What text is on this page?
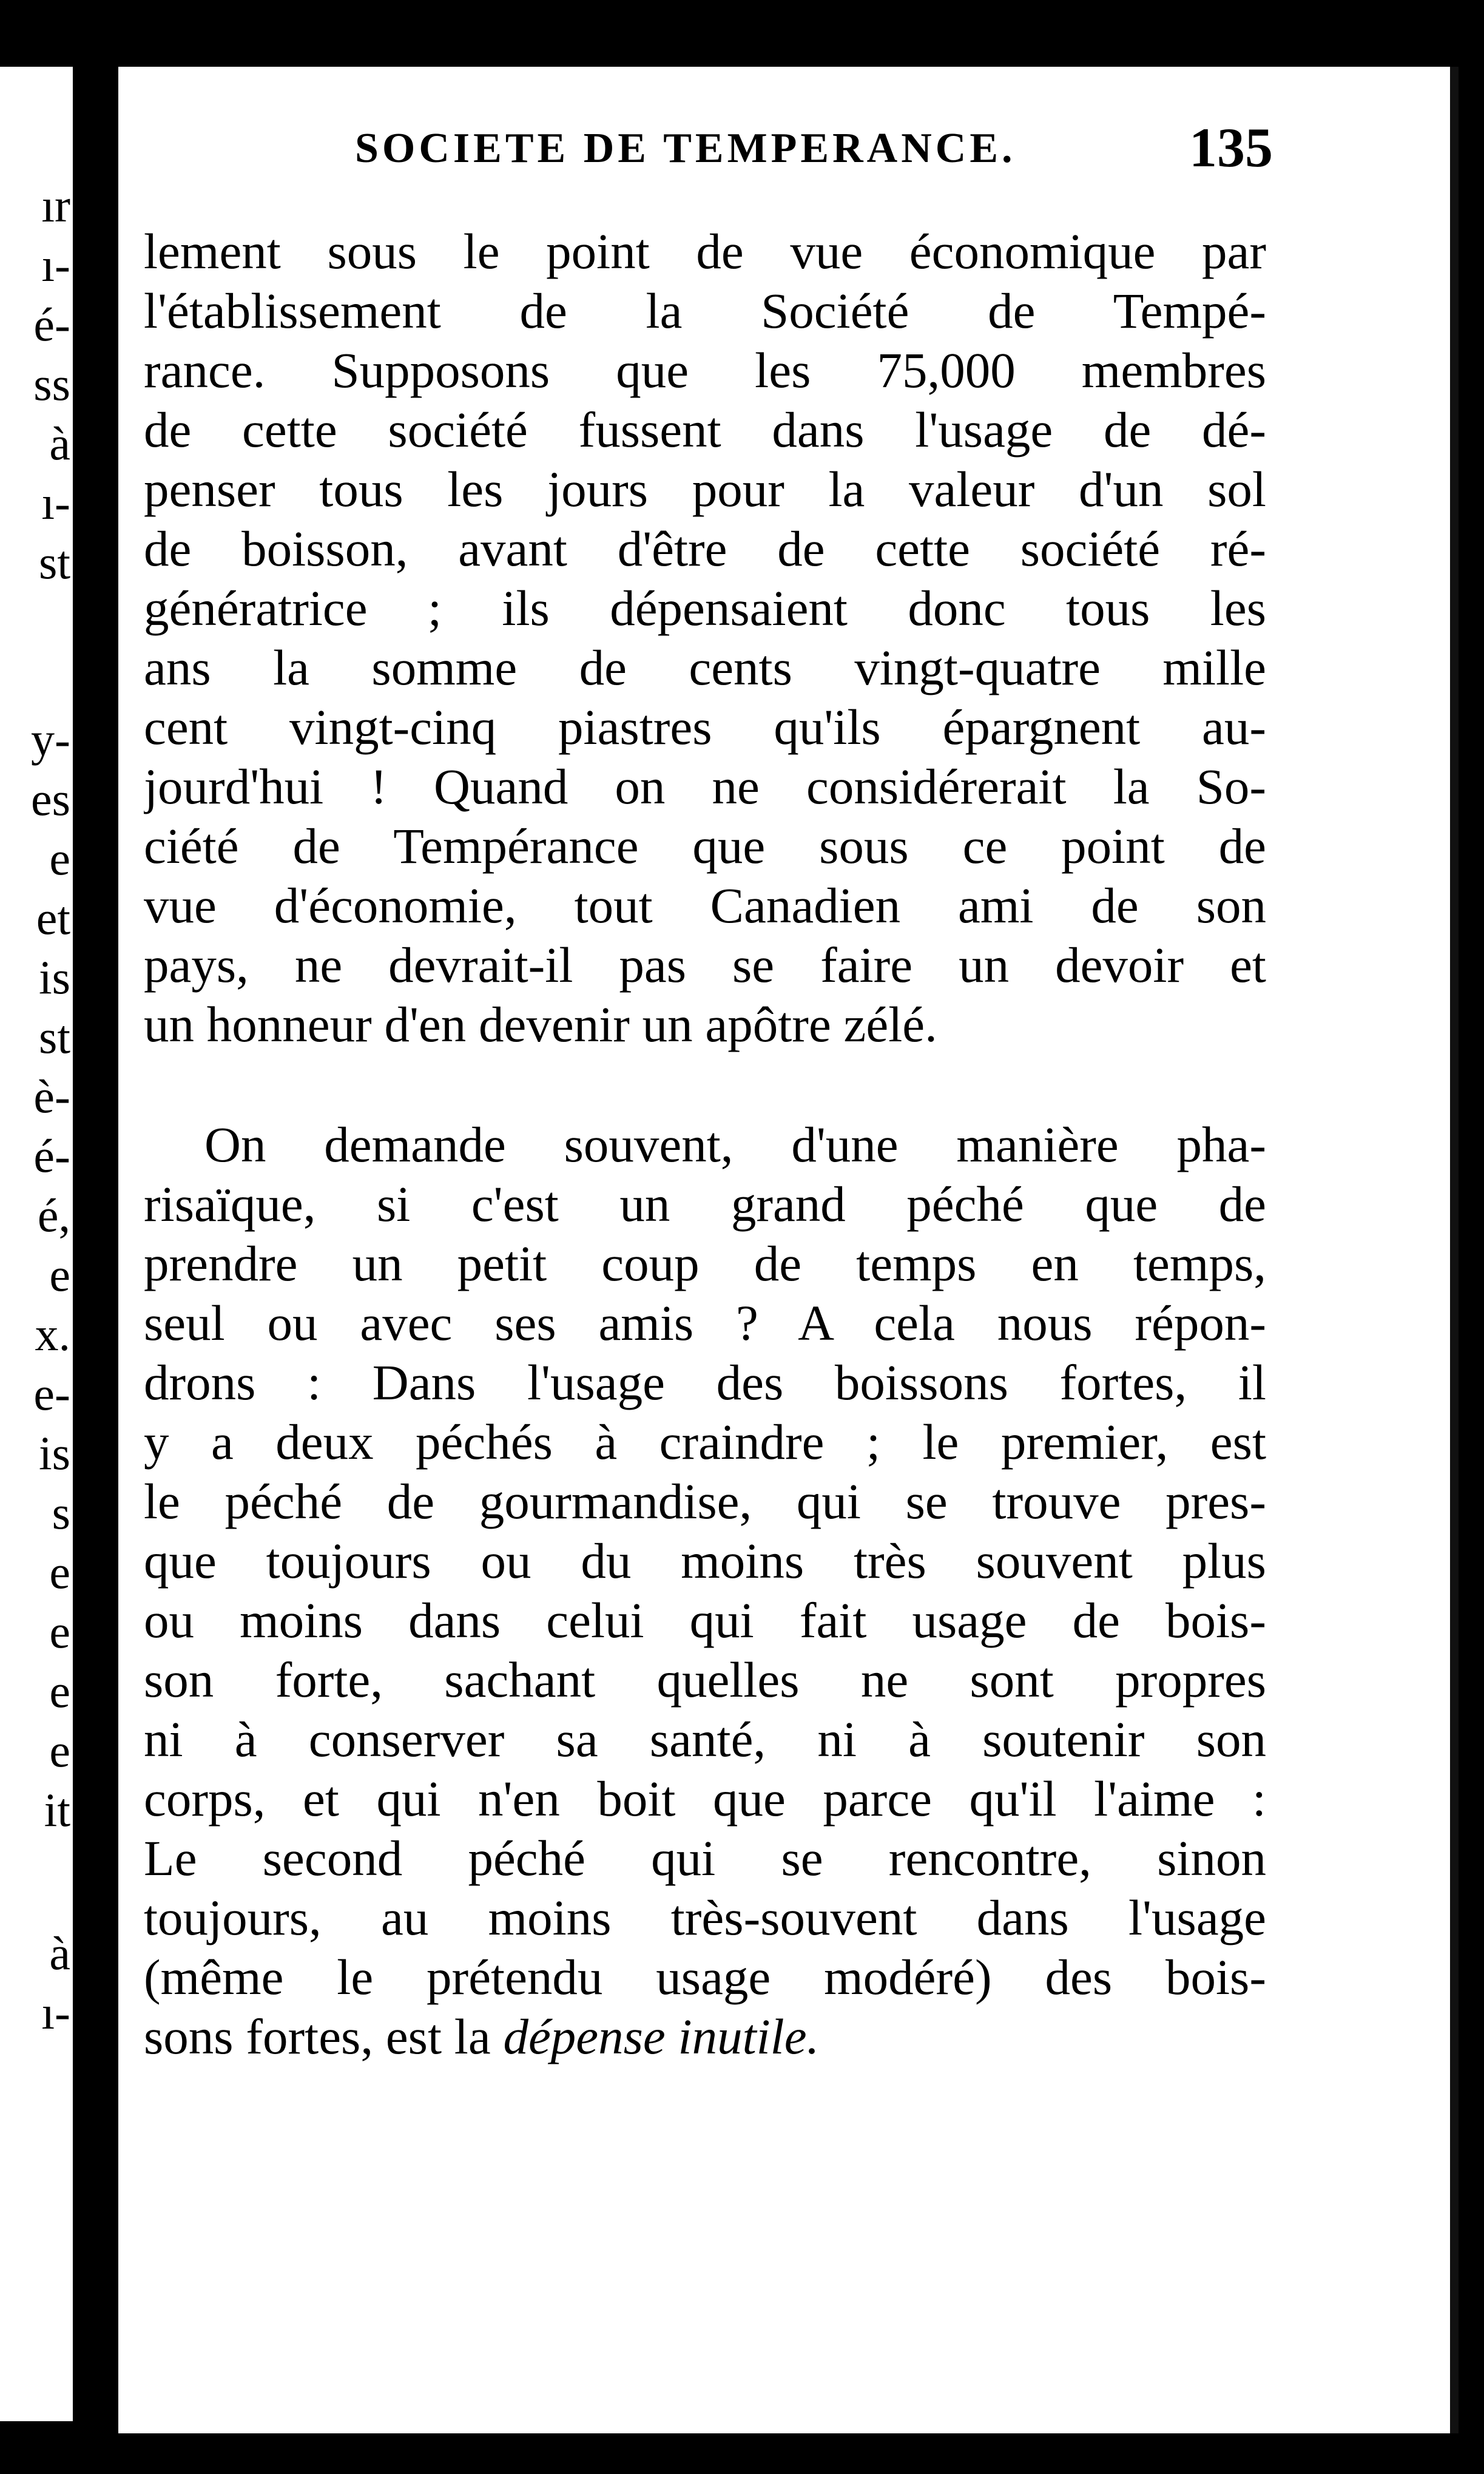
ır
ı-
é-
ss
à
ı-
st
y-
es
e
et
is
st
è-
é-
é,
e
x.
e-
is
s
e
e
e
e
it
à
ı-
SOCIETE DE TEMPERANCE.	135

lement sous le point de vue économique par
l'établissement de la Société de Tempé-
rance. Supposons que les 75,000 membres
de cette société fussent dans l'usage de dé-
penser tous les jours pour la valeur d'un sol
de boisson, avant d'être de cette société ré-
génératrice ; ils dépensaient donc tous les
ans la somme de cents vingt-quatre mille
cent vingt-cinq piastres qu'ils épargnent au-
jourd'hui ! Quand on ne considérerait la So-
ciété de Tempérance que sous ce point de
vue d'économie, tout Canadien ami de son
pays, ne devrait-il pas se faire un devoir et
un honneur d'en devenir un apôtre zélé.

On demande souvent, d'une manière pha-
risaïque, si c'est un grand péché que de
prendre un petit coup de temps en temps,
seul ou avec ses amis ? A cela nous répon-
drons : Dans l'usage des boissons fortes, il
y a deux péchés à craindre ; le premier, est
le péché de gourmandise, qui se trouve pres-
que toujours ou du moins très souvent plus
ou moins dans celui qui fait usage de bois-
son forte, sachant quelles ne sont propres
ni à conserver sa santé, ni à soutenir son
corps, et qui n'en boit que parce qu'il l'aime :
Le second péché qui se rencontre, sinon
toujours, au moins très-souvent dans l'usage
(même le prétendu usage modéré) des bois-
sons fortes, est la dépense inutile.
